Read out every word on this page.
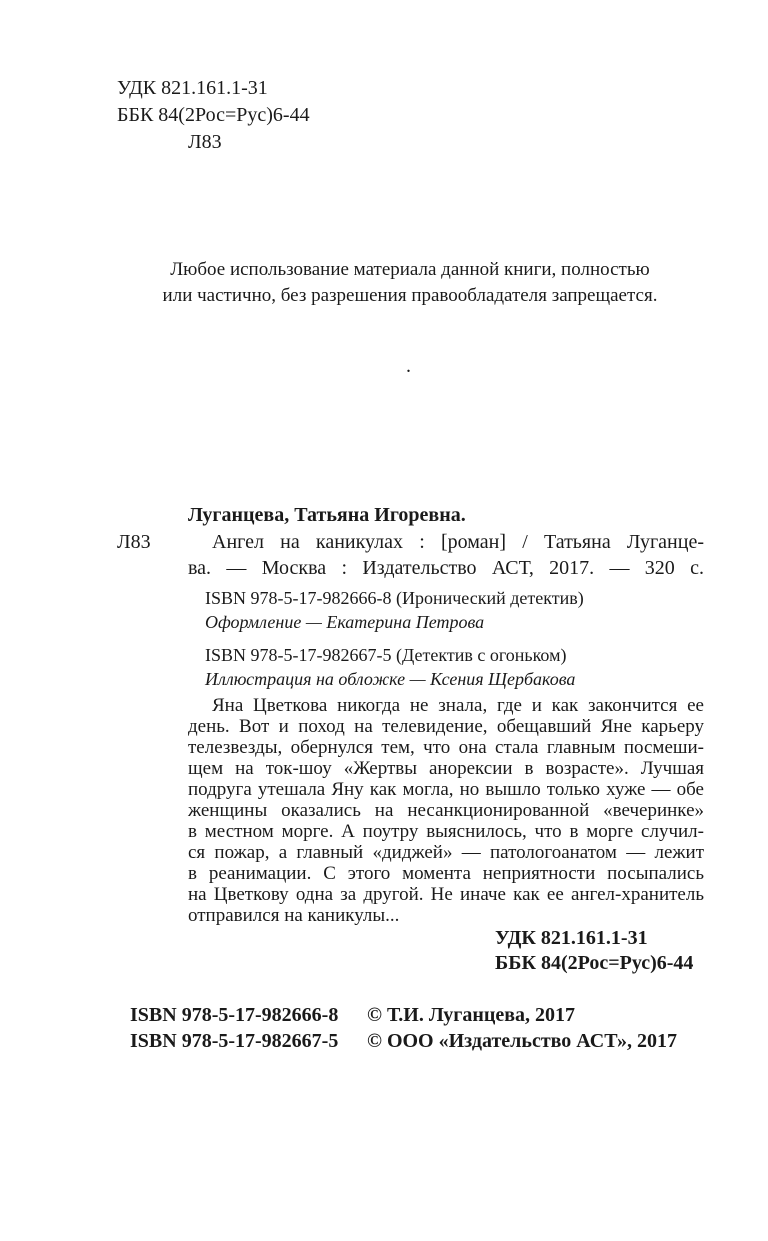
УДК 821.161.1-31
ББК 84(2Рос=Рус)6-44
Л83
Любое использование материала данной книги, полностью
или частично, без разрешения правообладателя запрещается.
.
Луганцева, Татьяна Игоревна.
Л83	Ангел на каникулах : [роман] / Татьяна Луганце-
ва. — Москва : Издательство АСТ, 2017. — 320 с.
ISBN 978-5-17-982666-8 (Иронический детектив)
Оформление — Екатерина Петрова
ISBN 978-5-17-982667-5 (Детектив с огоньком)
Иллюстрация на обложке — Ксения Щербакова
Яна Цветкова никогда не знала, где и как закончится ее
день. Вот и поход на телевидение, обещавший Яне карьеру
телезвезды, обернулся тем, что она стала главным посмеши-
щем на ток-шоу «Жертвы анорексии в возрасте». Лучшая
подруга утешала Яну как могла, но вышло только хуже — обе
женщины оказались на несанкционированной «вечеринке»
в местном морге. А поутру выяснилось, что в морге случил-
ся пожар, а главный «диджей» — патологоанатом — лежит
в реанимации. С этого момента неприятности посыпались
на Цветкову одна за другой. Не иначе как ее ангел-хранитель
отправился на каникулы...
УДК 821.161.1-31
ББК 84(2Рос=Рус)6-44
ISBN 978-5-17-982666-8
ISBN 978-5-17-982667-5
© Т.И. Луганцева, 2017
© ООО «Издательство АСТ», 2017
